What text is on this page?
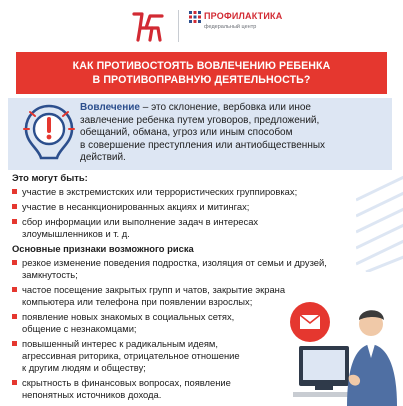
ПРОФИЛАКТИКА
федеральный центр
КАК ПРОТИВОСТОЯТЬ ВОВЛЕЧЕНИЮ РЕБЕНКА
В ПРОТИВОПРАВНУЮ ДЕЯТЕЛЬНОСТЬ?
Вовлечение – это склонение, вербовка или иное
завлечение ребенка путем уговоров, предложений,
обещаний, обмана, угроз или иным способом
в совершение преступления или антиобщественных
действий.
Это могут быть:
участие в экстремистских или террористических группировках;
участие в несанкционированных акциях и митингах;
сбор информации или выполнение задач в интересах
злоумышленников и т. д.
Основные признаки возможного риска
резкое изменение поведения подростка, изоляция от семьи и друзей,
замкнутость;
частое посещение закрытых групп и чатов, закрытие экрана
компьютера или телефона при появлении взрослых;
появление новых знакомых в социальных сетях,
общение с незнакомцами;
повышенный интерес к радикальным идеям,
агрессивная риторика, отрицательное отношение
к другим людям и обществу;
скрытность в финансовых вопросах, появление
непонятных источников дохода.
